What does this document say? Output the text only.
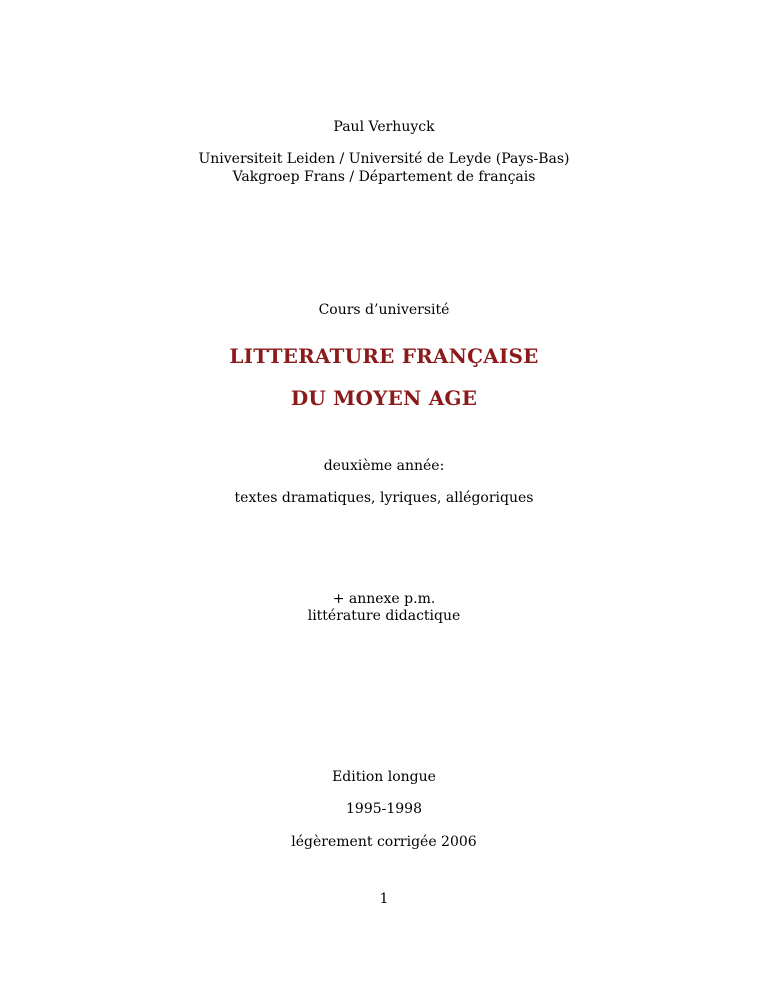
Paul Verhuyck
Universiteit Leiden / Université de Leyde (Pays-Bas)
Vakgroep Frans / Département de français
Cours d’université
LITTERATURE FRANÇAISE
DU MOYEN AGE
deuxième année:
textes dramatiques, lyriques, allégoriques
+ annexe p.m.
littérature didactique
Edition longue
1995-1998
légèrement corrigée 2006
1
